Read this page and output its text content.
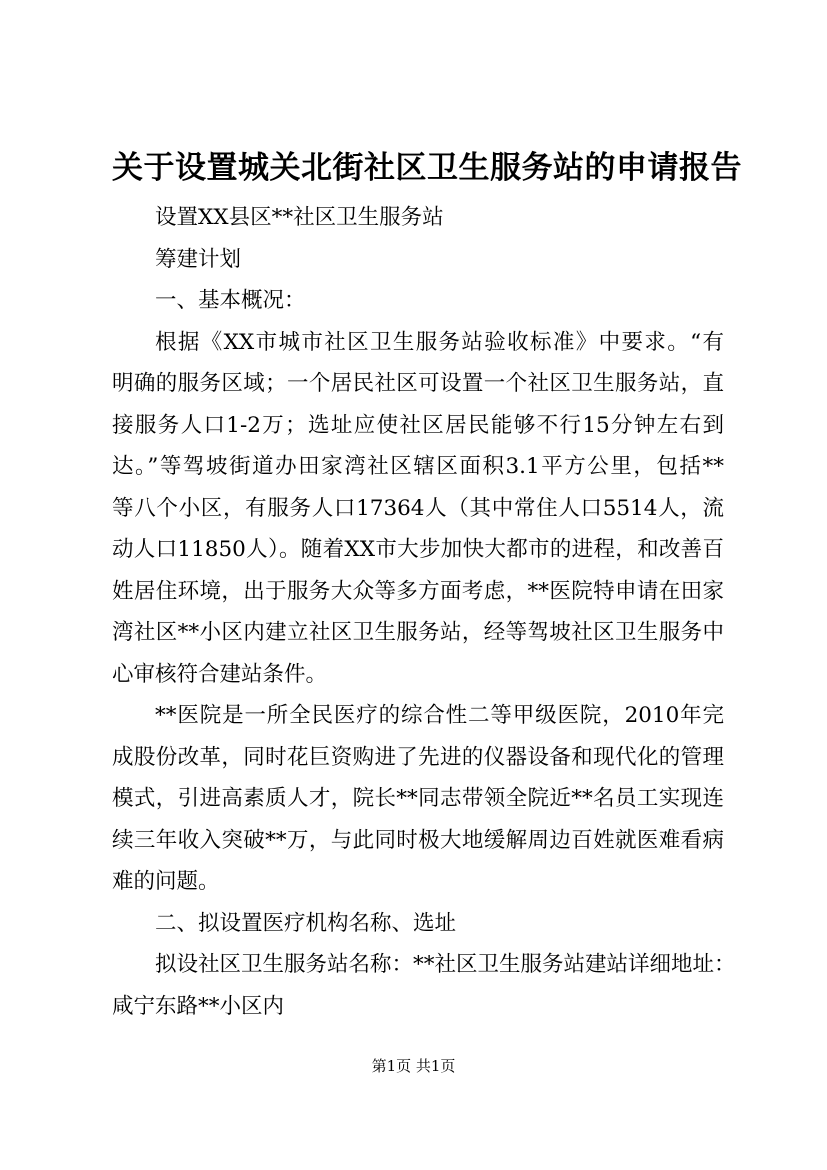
关于设置城关北街社区卫生服务站的申请报告
设置XX县区**社区卫生服务站
筹建计划
一、基本概况：
根据《XX市城市社区卫生服务站验收标准》中要求。“有
明确的服务区域；一个居民社区可设置一个社区卫生服务站，直
接服务人口1-2万；选址应使社区居民能够不行15分钟左右到
达。”等驾坡街道办田家湾社区辖区面积3.1平方公里，包括**
等八个小区，有服务人口17364人（其中常住人口5514人，流
动人口11850人）。随着XX市大步加快大都市的进程，和改善百
姓居住环境，出于服务大众等多方面考虑，**医院特申请在田家
湾社区**小区内建立社区卫生服务站，经等驾坡社区卫生服务中
心审核符合建站条件。
**医院是一所全民医疗的综合性二等甲级医院，2010年完
成股份改革，同时花巨资购进了先进的仪器设备和现代化的管理
模式，引进高素质人才，院长**同志带领全院近**名员工实现连
续三年收入突破**万，与此同时极大地缓解周边百姓就医难看病
难的问题。
二、拟设置医疗机构名称、选址
拟设社区卫生服务站名称：**社区卫生服务站建站详细地址：
咸宁东路**小区内
第1页 共1页
